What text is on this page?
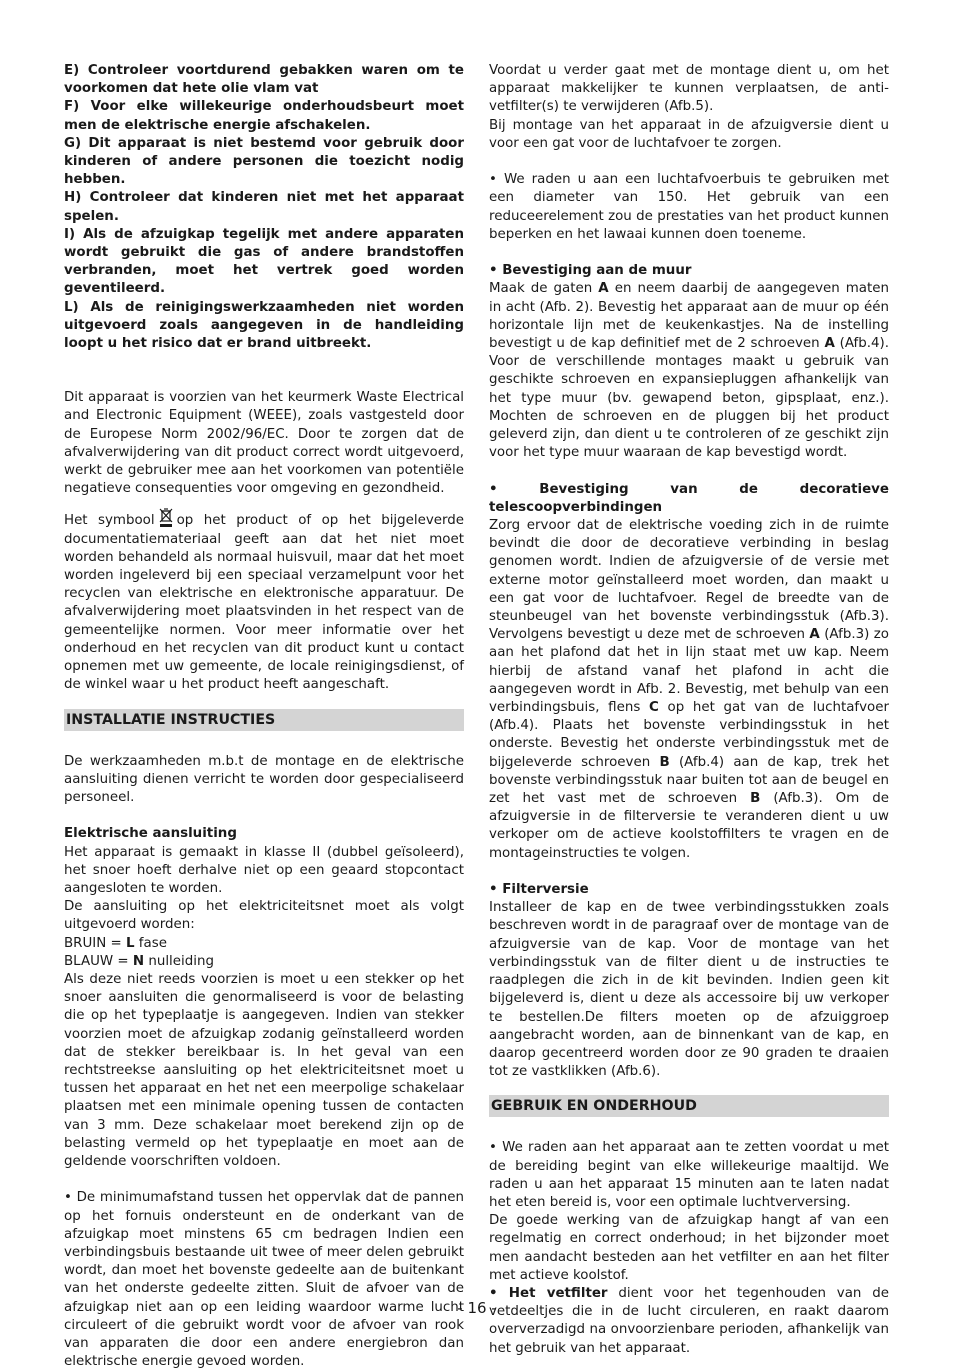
E) Controleer voortdurend gebakken waren om te voorkomen dat hete olie vlam vat

F) Voor elke willekeurige onderhoudsbeurt moet men de elektrische energie afschakelen.

G) Dit apparaat is niet bestemd voor gebruik door kinderen of andere personen die toezicht nodig hebben.

H) Controleer dat kinderen niet met het apparaat spelen.

I) Als de afzuigkap tegelijk met andere apparaten wordt gebruikt die gas of andere brandstoffen verbranden, moet het vertrek goed worden geventileerd.

L) Als de reinigingswerkzaamheden niet worden uitgevoerd zoals aangegeven in de handleiding loopt u het risico dat er brand uitbreekt.

Dit apparaat is voorzien van het keurmerk Waste Electrical and Electronic Equipment (WEEE), zoals vastgesteld door de Europese Norm 2002/96/EC. Door te zorgen dat de afvalverwijdering van dit product correct wordt uitgevoerd, werkt de gebruiker mee aan het voorkomen van potentiële negatieve consequenties voor omgeving en gezondheid.

Het symbool op het product of op het bijgeleverde documentatiemateriaal geeft aan dat het niet moet worden behandeld als normaal huisvuil, maar dat het moet worden ingeleverd bij een speciaal verzamelpunt voor het recyclen van elektrische en elektronische apparatuur. De afvalverwijdering moet plaatsvinden in het respect van de gemeentelijke normen. Voor meer informatie over het onderhoud en het recyclen van dit product kunt u contact opnemen met uw gemeente, de locale reinigingsdienst, of de winkel waar u het product heeft aangeschaft.

INSTALLATIE INSTRUCTIES

De werkzaamheden m.b.t de montage en de elektrische aansluiting dienen verricht te worden door gespecialiseerd personeel.

Elektrische aansluiting

Het apparaat is gemaakt in klasse II (dubbel geïsoleerd), het snoer hoeft derhalve niet op een geaard stopcontact aangesloten te worden.

De aansluiting op het elektriciteitsnet moet als volgt uitgevoerd worden:

BRUIN = L fase

BLAUW = N nulleiding

Als deze niet reeds voorzien is moet u een stekker op het snoer aansluiten die genormaliseerd is voor de belasting die op het typeplaatje is aangegeven. Indien van stekker voorzien moet de afzuigkap zodanig geïnstalleerd worden dat de stekker bereikbaar is. In het geval van een rechtstreekse aansluiting op het elektriciteitsnet moet u tussen het apparaat en het net een meerpolige schakelaar plaatsen met een minimale opening tussen de contacten van 3 mm. Deze schakelaar moet berekend zijn op de belasting vermeld op het typeplaatje en moet aan de geldende voorschriften voldoen.

• De minimumafstand tussen het oppervlak dat de pannen op het fornuis ondersteunt en de onderkant van de afzuigkap moet minstens 65 cm bedragen Indien een verbindingsbuis bestaande uit twee of meer delen gebruikt wordt, dan moet het bovenste gedeelte aan de buitenkant van het onderste gedeelte zitten. Sluit de afvoer van de afzuigkap niet aan op een leiding waardoor warme lucht circuleert of die gebruikt wordt voor de afvoer van rook van apparaten die door een andere energiebron dan elektrische energie gevoed worden.

Voordat u verder gaat met de montage dient u, om het apparaat makkelijker te kunnen verplaatsen, de anti-vetfilter(s) te verwijderen (Afb.5).

Bij montage van het apparaat in de afzuigversie dient u voor een gat voor de luchtafvoer te zorgen.

• We raden u aan een luchtafvoerbuis te gebruiken met een diameter van 150. Het gebruik van een reduceerelement zou de prestaties van het product kunnen beperken en het lawaai kunnen doen toeneme.

• Bevestiging aan de muur

Maak de gaten A en neem daarbij de aangegeven maten in acht (Afb. 2). Bevestig het apparaat aan de muur op één horizontale lijn met de keukenkastjes. Na de instelling bevestigt u de kap definitief met de 2 schroeven A (Afb.4). Voor de verschillende montages maakt u gebruik van geschikte schroeven en expansiepluggen afhankelijk van het type muur (bv. gewapend beton, gipsplaat, enz.). Mochten de schroeven en de pluggen bij het product geleverd zijn, dan dient u te controleren of ze geschikt zijn voor het type muur waaraan de kap bevestigd wordt.

• Bevestiging van de decoratieve telescoopverbindingen

Zorg ervoor dat de elektrische voeding zich in de ruimte bevindt die door de decoratieve verbinding in beslag genomen wordt. Indien de afzuigversie of de versie met externe motor geïnstalleerd moet worden, dan maakt u een gat voor de luchtafvoer. Regel de breedte van de steunbeugel van het bovenste verbindingsstuk (Afb.3). Vervolgens bevestigt u deze met de schroeven A (Afb.3) zo aan het plafond dat het in lijn staat met uw kap. Neem hierbij de afstand vanaf het plafond in acht die aangegeven wordt in Afb. 2. Bevestig, met behulp van een verbindingsbuis, flens C op het gat van de luchtafvoer (Afb.4). Plaats het bovenste verbindingsstuk in het onderste. Bevestig het onderste verbindingsstuk met de bijgeleverde schroeven B (Afb.4) aan de kap, trek het bovenste verbindingsstuk naar buiten tot aan de beugel en zet het vast met de schroeven B (Afb.3). Om de afzuigversie in de filterversie te veranderen dient u uw verkoper om de actieve koolstoffilters te vragen en de montageinstructies te volgen.

• Filterversie

Installeer de kap en de twee verbindingsstukken zoals beschreven wordt in de paragraaf over de montage van de afzuigversie van de kap. Voor de montage van het verbindingsstuk van de filter dient u de instructies te raadplegen die zich in de kit bevinden. Indien geen kit bijgeleverd is, dient u deze als accessoire bij uw verkoper te bestellen.De filters moeten op de afzuiggroep aangebracht worden, aan de binnenkant van de kap, en daarop gecentreerd worden door ze 90 graden te draaien tot ze vastklikken (Afb.6).

GEBRUIK EN ONDERHOUD

• We raden aan het apparaat aan te zetten voordat u met de bereiding begint van elke willekeurige maaltijd. We raden u aan het apparaat 15 minuten aan te laten nadat het eten bereid is, voor een optimale luchtverversing.

De goede werking van de afzuigkap hangt af van een regelmatig en correct onderhoud; in het bijzonder moet men aandacht besteden aan het vetfilter en aan het filter met actieve koolstof.

• Het vetfilter dient voor het tegenhouden van de vetdeeltjes die in de lucht circuleren, en raakt daarom oververzadigd na onvoorzienbare perioden, afhankelijk van het gebruik van het apparaat.

- 16 -
